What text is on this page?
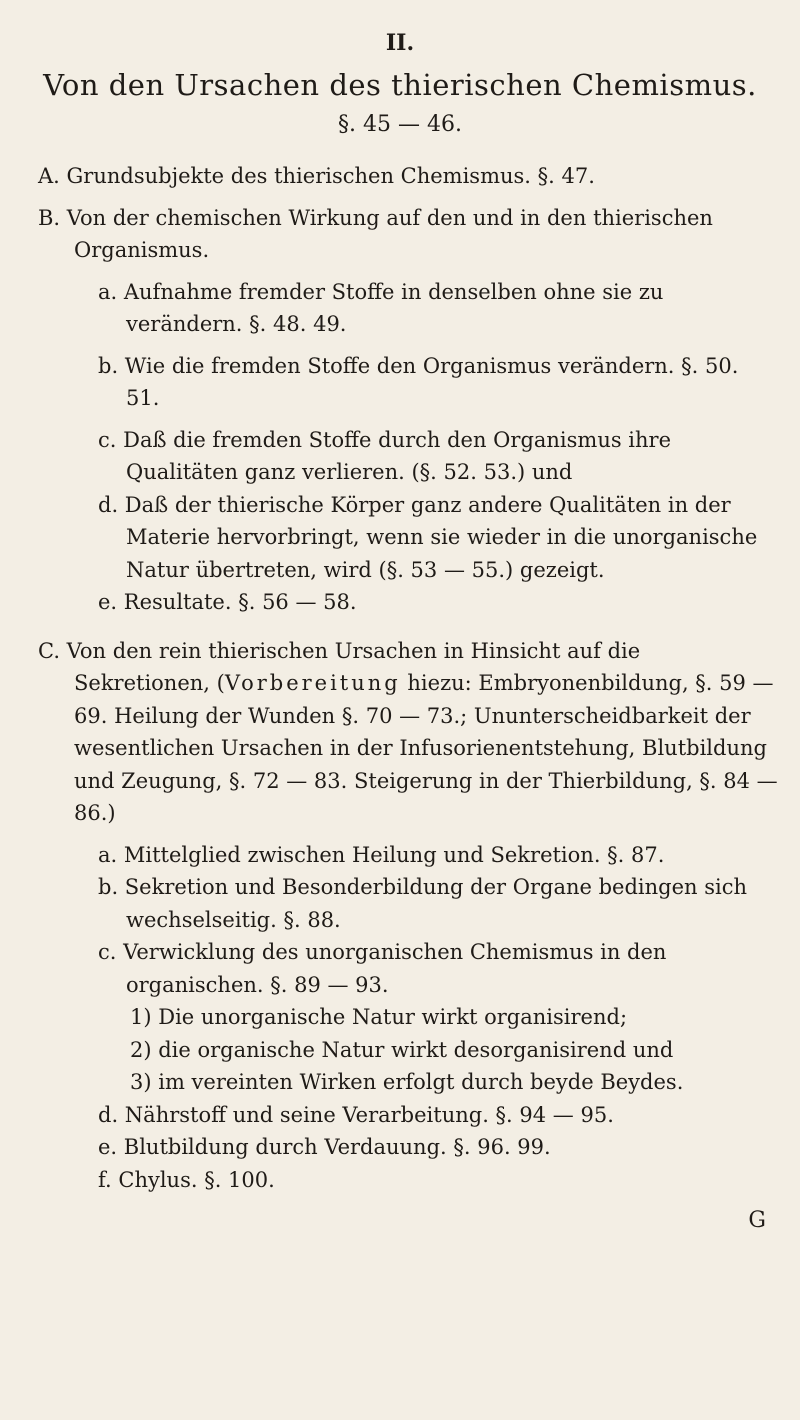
II.
Von den Ursachen des thierischen Chemismus.
§. 45 — 46.

A. Grundsubjekte des thierischen Chemismus. §. 47.

B. Von der chemischen Wirkung auf den und in den thierischen Organismus.

a. Aufnahme fremder Stoffe in denselben ohne sie zu verändern. §. 48. 49.

b. Wie die fremden Stoffe den Organismus verändern. §. 50. 51.

c. Daß die fremden Stoffe durch den Organismus ihre Qualitäten ganz verlieren. (§. 52. 53.) und

d. Daß der thierische Körper ganz andere Qualitäten in der Materie hervorbringt, wenn sie wieder in die unorganische Natur übertreten, wird (§. 53 — 55.) gezeigt.

e. Resultate. §. 56 — 58.

C. Von den rein thierischen Ursachen in Hinsicht auf die Sekretionen, (Vorbereitung hiezu: Embryonenbildung, §. 59 — 69. Heilung der Wunden §. 70 — 73.; Ununterscheidbarkeit der wesentlichen Ursachen in der Infusorienentstehung, Blutbildung und Zeugung, §. 72 — 83. Steigerung in der Thierbildung, §. 84 — 86.)

a. Mittelglied zwischen Heilung und Sekretion. §. 87.

b. Sekretion und Besonderbildung der Organe bedingen sich wechselseitig. §. 88.

c. Verwicklung des unorganischen Chemismus in den organischen. §. 89 — 93.

1) Die unorganische Natur wirkt organisirend;

2) die organische Natur wirkt desorganisirend und

3) im vereinten Wirken erfolgt durch beyde Beydes.

d. Nährstoff und seine Verarbeitung. §. 94 — 95.

e. Blutbildung durch Verdauung. §. 96. 99.

f. Chylus. §. 100.

G
